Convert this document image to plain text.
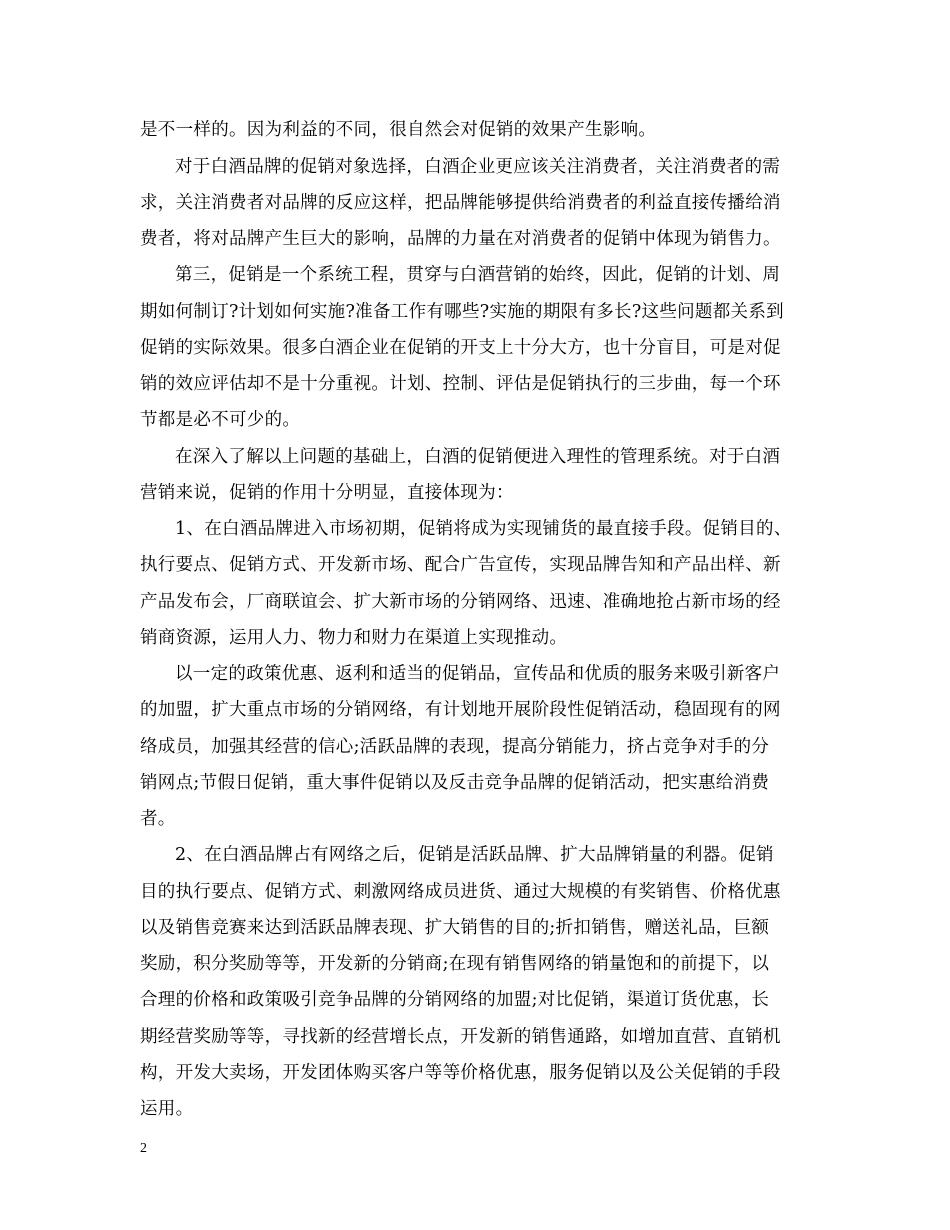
是不一样的。因为利益的不同，很自然会对促销的效果产生影响。
对于白酒品牌的促销对象选择，白酒企业更应该关注消费者，关注消费者的需
求，关注消费者对品牌的反应这样，把品牌能够提供给消费者的利益直接传播给消
费者，将对品牌产生巨大的影响，品牌的力量在对消费者的促销中体现为销售力。
第三，促销是一个系统工程，贯穿与白酒营销的始终，因此，促销的计划、周
期如何制订?计划如何实施?准备工作有哪些?实施的期限有多长?这些问题都关系到
促销的实际效果。很多白酒企业在促销的开支上十分大方，也十分盲目，可是对促
销的效应评估却不是十分重视。计划、控制、评估是促销执行的三步曲，每一个环
节都是必不可少的。
在深入了解以上问题的基础上，白酒的促销便进入理性的管理系统。对于白酒
营销来说，促销的作用十分明显，直接体现为：
1、在白酒品牌进入市场初期，促销将成为实现铺货的最直接手段。促销目的、
执行要点、促销方式、开发新市场、配合广告宣传，实现品牌告知和产品出样、新
产品发布会，厂商联谊会、扩大新市场的分销网络、迅速、准确地抢占新市场的经
销商资源，运用人力、物力和财力在渠道上实现推动。
以一定的政策优惠、返利和适当的促销品，宣传品和优质的服务来吸引新客户
的加盟，扩大重点市场的分销网络，有计划地开展阶段性促销活动，稳固现有的网
络成员，加强其经营的信心;活跃品牌的表现，提高分销能力，挤占竞争对手的分
销网点;节假日促销，重大事件促销以及反击竞争品牌的促销活动，把实惠给消费
者。
2、在白酒品牌占有网络之后，促销是活跃品牌、扩大品牌销量的利器。促销
目的执行要点、促销方式、刺激网络成员进货、通过大规模的有奖销售、价格优惠
以及销售竞赛来达到活跃品牌表现、扩大销售的目的;折扣销售，赠送礼品，巨额
奖励，积分奖励等等，开发新的分销商;在现有销售网络的销量饱和的前提下，以
合理的价格和政策吸引竞争品牌的分销网络的加盟;对比促销，渠道订货优惠，长
期经营奖励等等，寻找新的经营增长点，开发新的销售通路，如增加直营、直销机
构，开发大卖场，开发团体购买客户等等价格优惠，服务促销以及公关促销的手段
运用。
2
